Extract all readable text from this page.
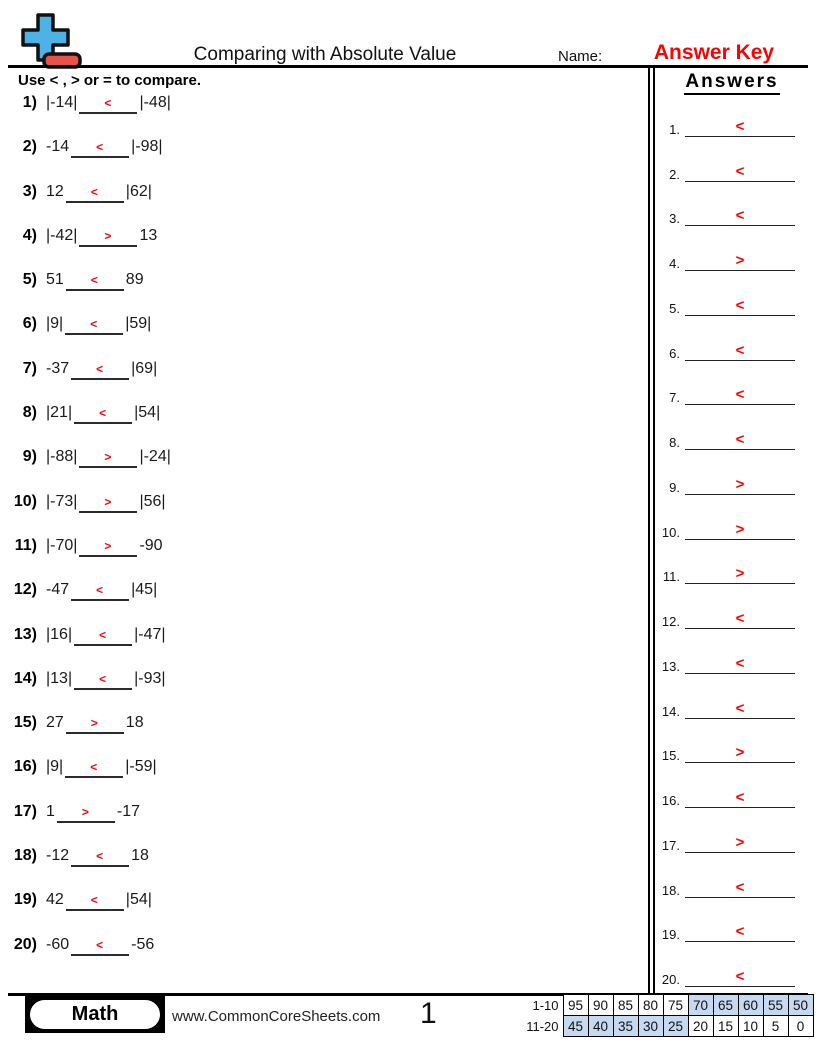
Comparing with Absolute Value	Name:	Answer Key
Use < , > or = to compare.
1) |-14|	<	|-48|
2) -14	<	|-98|
3) 12	<	|62|
4) |-42|	>	13
5) 51	<	89
6) |9|	<	|59|
7) -37	<	|69|
8) |21|	<	|54|
9) |-88|	>	|-24|
10) |-73|	>	|56|
11) |-70|	>	-90
12) -47	<	|45|
13) |16|	<	|-47|
14) |13|	<	|-93|
15) 27	>	18
16) |9|	<	|-59|
17) 1	>	-17
18) -12	<	18
19) 42	<	|54|
20) -60	<	-56
Answers
1.	<
2.	<
3.	<
4.	>
5.	<
6.	<
7.	<
8.	<
9.	>
10.	>
11.	>
12.	<
13.	<
14.	<
15.	>
16.	<
17.	>
18.	<
19.	<
20.	<
Math	www.CommonCoreSheets.com 1	1-10	95	90	85	80	75	70	65	60	55	50
11-20	45	40	35	30	25	20	15	10	5	0
